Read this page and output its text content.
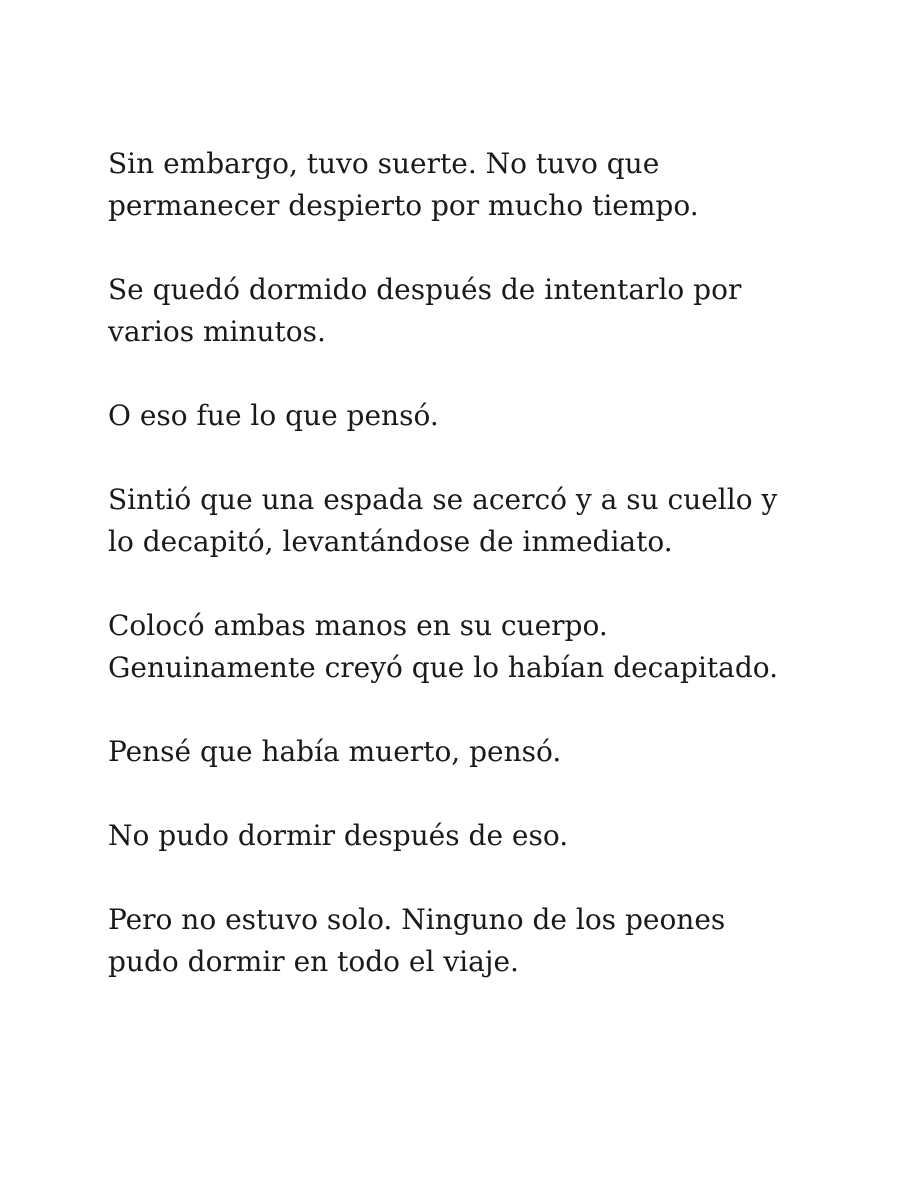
Sin embargo, tuvo suerte. No tuvo que
permanecer despierto por mucho tiempo.

Se quedó dormido después de intentarlo por
varios minutos.

O eso fue lo que pensó.

Sintió que una espada se acercó y a su cuello y
lo decapitó, levantándose de inmediato.

Colocó ambas manos en su cuerpo.
Genuinamente creyó que lo habían decapitado.

Pensé que había muerto, pensó.

No pudo dormir después de eso.

Pero no estuvo solo. Ninguno de los peones
pudo dormir en todo el viaje.
